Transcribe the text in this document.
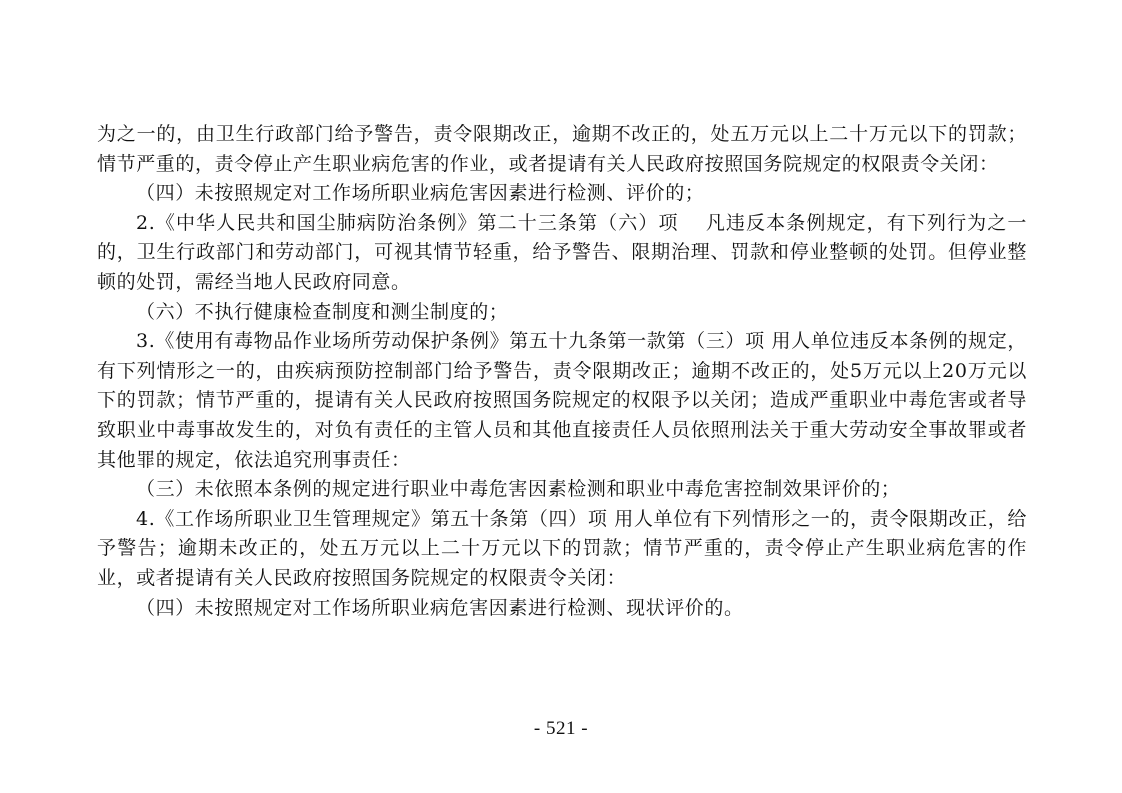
为之一的，由卫生行政部门给予警告，责令限期改正，逾期不改正的，处五万元以上二十万元以下的罚款；情节严重的，责令停止产生职业病危害的作业，或者提请有关人民政府按照国务院规定的权限责令关闭：

（四）未按照规定对工作场所职业病危害因素进行检测、评价的；

2.《中华人民共和国尘肺病防治条例》第二十三条第（六）项　 凡违反本条例规定，有下列行为之一的，卫生行政部门和劳动部门，可视其情节轻重，给予警告、限期治理、罚款和停业整顿的处罚。但停业整顿的处罚，需经当地人民政府同意。

（六）不执行健康检查制度和测尘制度的；

3.《使用有毒物品作业场所劳动保护条例》第五十九条第一款第（三）项 用人单位违反本条例的规定，有下列情形之一的，由疾病预防控制部门给予警告，责令限期改正；逾期不改正的，处5万元以上20万元以下的罚款；情节严重的，提请有关人民政府按照国务院规定的权限予以关闭；造成严重职业中毒危害或者导致职业中毒事故发生的，对负有责任的主管人员和其他直接责任人员依照刑法关于重大劳动安全事故罪或者其他罪的规定，依法追究刑事责任：

（三）未依照本条例的规定进行职业中毒危害因素检测和职业中毒危害控制效果评价的；

4.《工作场所职业卫生管理规定》第五十条第（四）项 用人单位有下列情形之一的，责令限期改正，给予警告；逾期未改正的，处五万元以上二十万元以下的罚款；情节严重的，责令停止产生职业病危害的作业，或者提请有关人民政府按照国务院规定的权限责令关闭：

（四）未按照规定对工作场所职业病危害因素进行检测、现状评价的。

- 521 -
